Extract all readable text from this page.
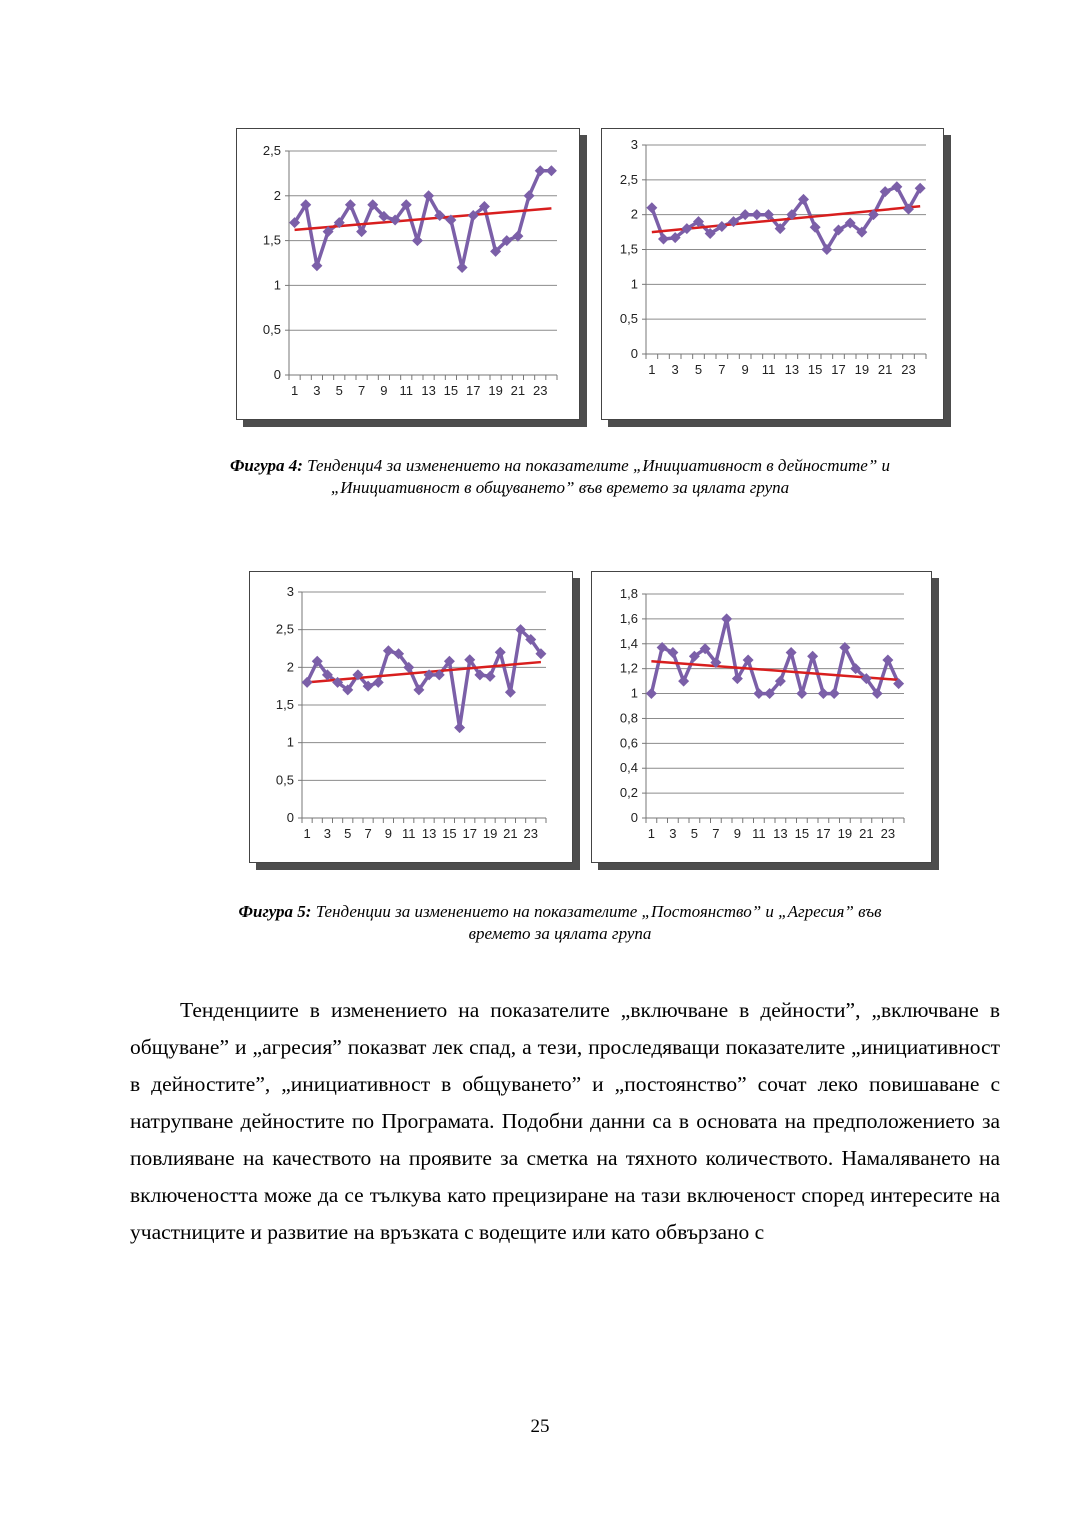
0
0,5
1
1,5
2
2,5
1 3 5 7 9 11 13 15 17 19 21 23
0
0,5
1
1,5
2
2,5
3
1 3 5 7 9 11 13 15 17 19 21 23
Фигура 4: Тенденци4 за изменението на показателите „Инициативност в дейностите” и
„Инициативност в общуването” във времето за цялата група
0
0,5
1
1,5
2
2,5
3
1 3 5 7 9 11 13 15 17 19 21 23
0
0,2
0,4
0,6
0,8
1
1,2
1,4
1,6
1,8
1 3 5 7 9 11 13 15 17 19 21 23
Фигура 5: Тенденции за изменението на показателите „Постоянство” и „Агресия” във
времето за цялата група

Тенденциите в изменението на показателите „включване в дейности”, „включване в общуване” и „агресия” показват лек спад, а тези, проследяващи показателите „инициативност в дейностите”, „инициативност в общуването” и „постоянство” сочат леко повишаване с натрупване дейностите по Програмата. Подобни данни са в основата на предположението за повлияване на качеството на проявите за сметка на тяхното количеството. Намаляването на включеността може да се тълкува като прецизиране на тази включеност според интересите на участниците и развитие на връзката с водещите или като обвързано с

25
